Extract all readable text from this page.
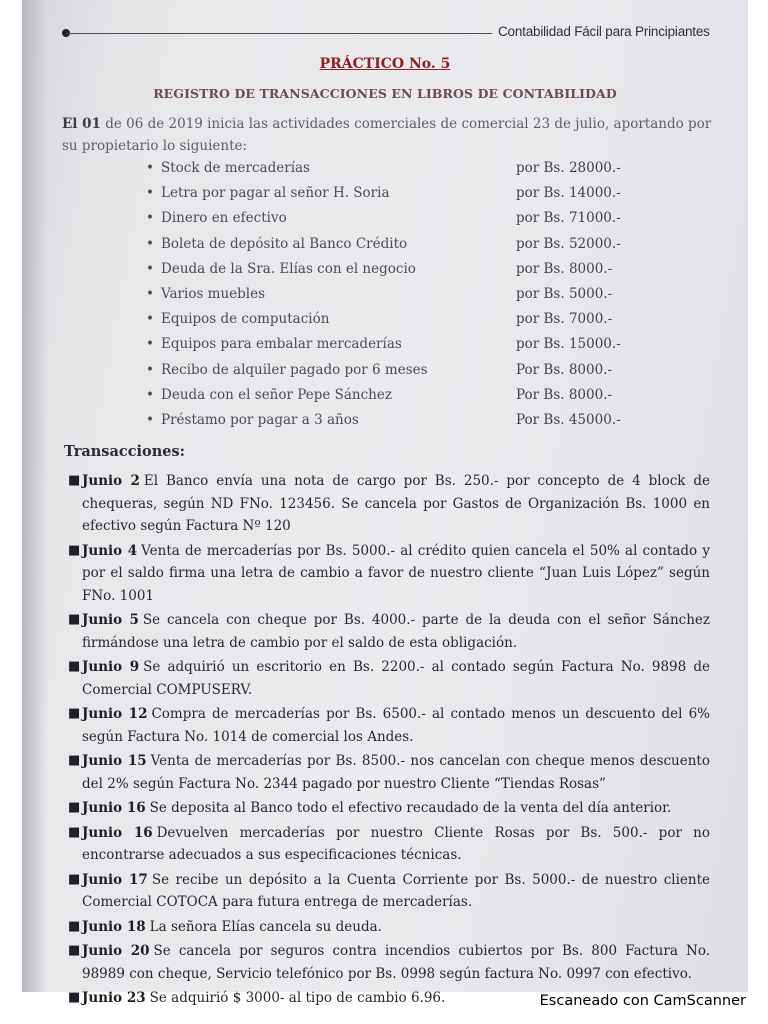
Contabilidad Fácil para Principiantes
PRÁCTICO No. 5
REGISTRO DE TRANSACCIONES EN LIBROS DE CONTABILIDAD
El 01 de 06 de 2019 inicia las actividades comerciales de comercial 23 de julio, aportando por su propietario lo siguiente:
• Stock de mercaderías	por Bs. 28000.-
• Letra por pagar al señor H. Soria	por Bs. 14000.-
• Dinero en efectivo	por Bs. 71000.-
• Boleta de depósito al Banco Crédito	por Bs. 52000.-
• Deuda de la Sra. Elías con el negocio	por Bs. 8000.-
• Varios muebles	por Bs. 5000.-
• Equipos de computación	por Bs. 7000.-
• Equipos para embalar mercaderías	por Bs. 15000.-
• Recibo de alquiler pagado por 6 meses	Por Bs. 8000.-
• Deuda con el señor Pepe Sánchez	Por Bs. 8000.-
• Préstamo por pagar a 3 años	Por Bs. 45000.-
Transacciones:
■ Junio 2 El Banco envía una nota de cargo por Bs. 250.- por concepto de 4 block de chequeras, según ND FNo. 123456. Se cancela por Gastos de Organización Bs. 1000 en efectivo según Factura Nº 120
■ Junio 4 Venta de mercaderías por Bs. 5000.- al crédito quien cancela el 50% al contado y por el saldo firma una letra de cambio a favor de nuestro cliente “Juan Luis López” según FNo. 1001
■ Junio 5 Se cancela con cheque por Bs. 4000.- parte de la deuda con el señor Sánchez firmándose una letra de cambio por el saldo de esta obligación.
■ Junio 9 Se adquirió un escritorio en Bs. 2200.- al contado según Factura No. 9898 de Comercial COMPUSERV.
■ Junio 12 Compra de mercaderías por Bs. 6500.- al contado menos un descuento del 6% según Factura No. 1014 de comercial los Andes.
■ Junio 15 Venta de mercaderías por Bs. 8500.- nos cancelan con cheque menos descuento del 2% según Factura No. 2344 pagado por nuestro Cliente “Tiendas Rosas”
■ Junio 16 Se deposita al Banco todo el efectivo recaudado de la venta del día anterior.
■ Junio 16 Devuelven mercaderías por nuestro Cliente Rosas por Bs. 500.- por no encontrarse adecuados a sus especificaciones técnicas.
■ Junio 17 Se recibe un depósito a la Cuenta Corriente por Bs. 5000.- de nuestro cliente Comercial COTOCA para futura entrega de mercaderías.
■ Junio 18 La señora Elías cancela su deuda.
■ Junio 20 Se cancela por seguros contra incendios cubiertos por Bs. 800 Factura No. 98989 con cheque, Servicio telefónico por Bs. 0998 según factura No. 0997 con efectivo.
■ Junio 23 Se adquirió $ 3000- al tipo de cambio 6.96.	Escaneado con CamScanner
